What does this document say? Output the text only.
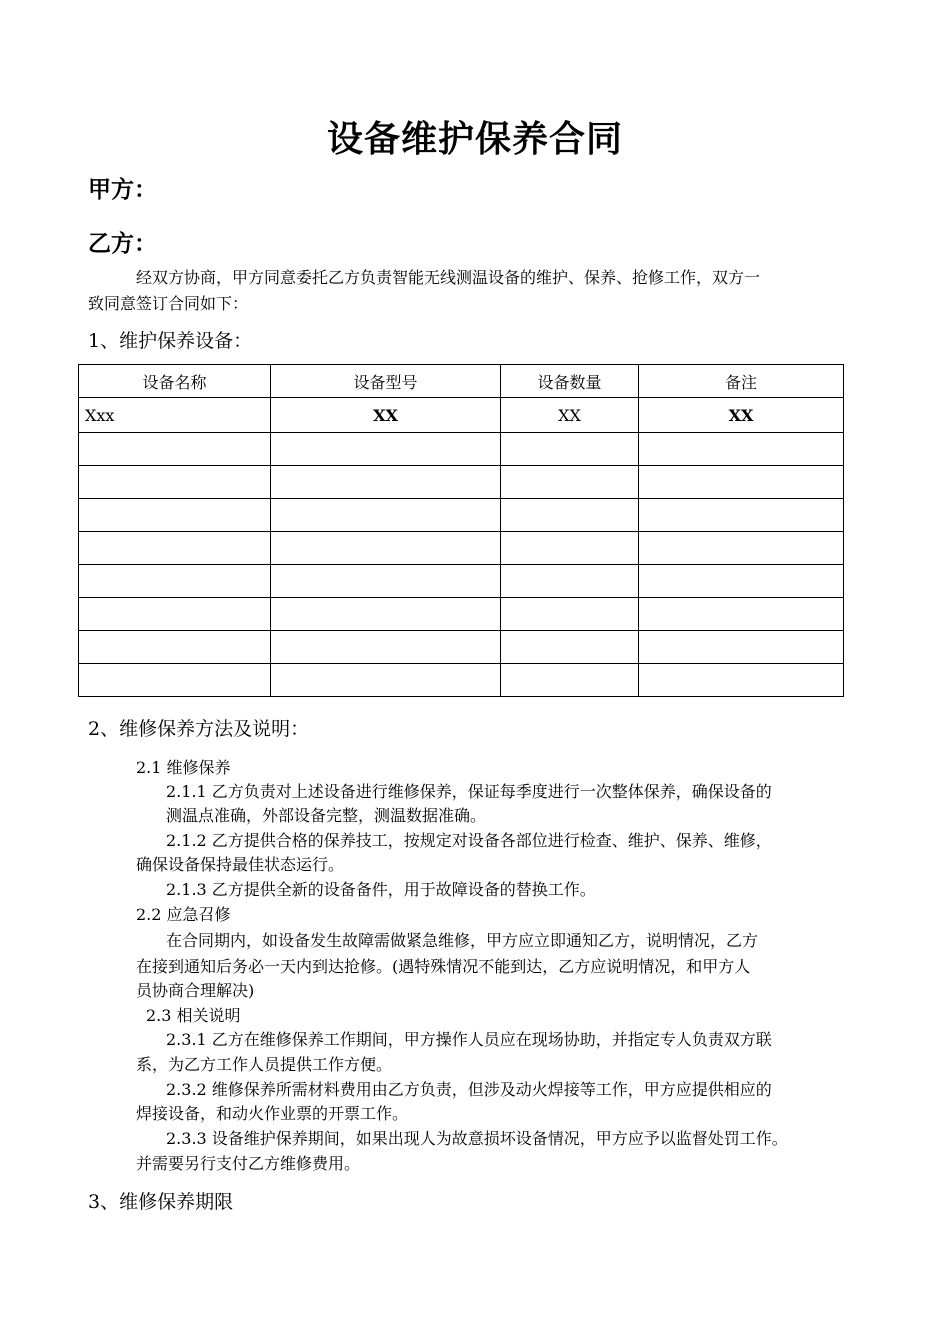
设备维护保养合同
甲方：
乙方：
经双方协商，甲方同意委托乙方负责智能无线测温设备的维护、保养、抢修工作，双方一
致同意签订合同如下：
1、维护保养设备：
设备名称	设备型号	设备数量	备注
Xxx	XX	XX	XX

2、维修保养方法及说明：
2.1 维修保养
2.1.1 乙方负责对上述设备进行维修保养，保证每季度进行一次整体保养，确保设备的
测温点准确，外部设备完整，测温数据准确。
2.1.2 乙方提供合格的保养技工，按规定对设备各部位进行检查、维护、保养、维修，
确保设备保持最佳状态运行。
2.1.3 乙方提供全新的设备备件，用于故障设备的替换工作。
2.2 应急召修
在合同期内，如设备发生故障需做紧急维修，甲方应立即通知乙方，说明情况，乙方
在接到通知后务必一天内到达抢修。(遇特殊情况不能到达，乙方应说明情况，和甲方人
员协商合理解决)
2.3 相关说明
2.3.1 乙方在维修保养工作期间，甲方操作人员应在现场协助，并指定专人负责双方联
系，为乙方工作人员提供工作方便。
2.3.2 维修保养所需材料费用由乙方负责，但涉及动火焊接等工作，甲方应提供相应的
焊接设备，和动火作业票的开票工作。
2.3.3 设备维护保养期间，如果出现人为故意损坏设备情况，甲方应予以监督处罚工作。
并需要另行支付乙方维修费用。
3、维修保养期限
